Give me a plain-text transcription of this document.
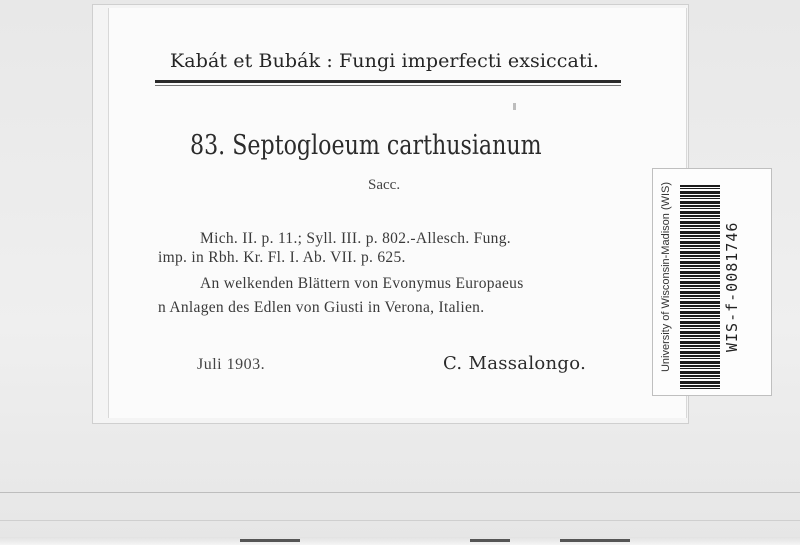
Kabát et Bubák : Fungi imperfecti exsiccati.
83. Septogloeum carthusianum
Sacc.
Mich. II. p. 11.; Syll. III. p. 802.-Allesch. Fung.
imp. in Rbh. Kr. Fl. I. Ab. VII. p. 625.
An welkenden Blättern von Evonymus Europaeus
n Anlagen des Edlen von Giusti in Verona, Italien.
Juli 1903.	C. Massalongo.	University of Wisconsin-Madison (WIS)	WIS-f-0081746
